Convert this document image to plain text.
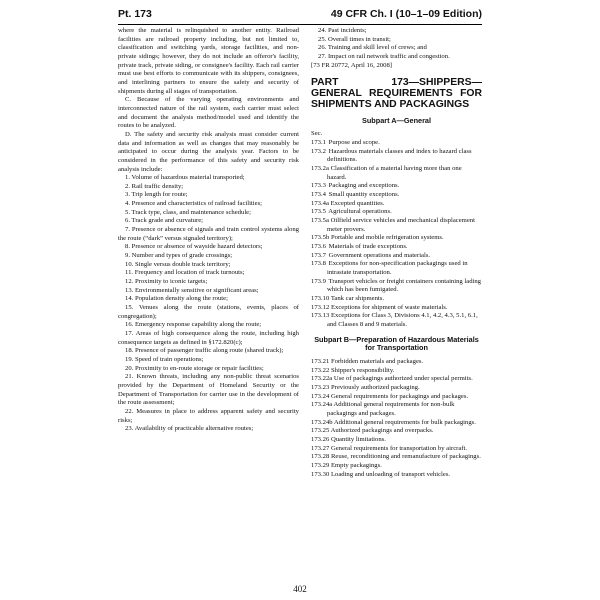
Pt. 173	49 CFR Ch. I (10–1–09 Edition)

where the material is relinquished to another entity. Railroad facilities are railroad property including, but not limited to, classification and switching yards, storage facilities, and non-private sidings; however, they do not include an offeror's facility, private track, private siding, or consignee's facility. Each rail carrier must use best efforts to communicate with its shippers, consignees, and interlining partners to ensure the safety and security of shipments during all stages of transportation.

C. Because of the varying operating environments and interconnected nature of the rail system, each carrier must select and document the analysis method/model used and identify the routes to be analyzed.

D. The safety and security risk analysis must consider current data and information as well as changes that may reasonably be anticipated to occur during the analysis year. Factors to be considered in the performance of this safety and security risk analysis include:

1. Volume of hazardous material transported;

2. Rail traffic density;

3. Trip length for route;

4. Presence and characteristics of railroad facilities;

5. Track type, class, and maintenance schedule;

6. Track grade and curvature;

7. Presence or absence of signals and train control systems along the route (“dark” versus signaled territory);

8. Presence or absence of wayside hazard detectors;

9. Number and types of grade crossings;

10. Single versus double track territory;

11. Frequency and location of track turnouts;

12. Proximity to iconic targets;

13. Environmentally sensitive or significant areas;

14. Population density along the route;

15. Venues along the route (stations, events, places of congregation);

16. Emergency response capability along the route;

17. Areas of high consequence along the route, including high consequence targets as defined in §172.820(c);

18. Presence of passenger traffic along route (shared track);

19. Speed of train operations;

20. Proximity to en-route storage or repair facilities;

21. Known threats, including any non-public threat scenarios provided by the Department of Homeland Security or the Department of Transportation for carrier use in the development of the route assessment;

22. Measures in place to address apparent safety and security risks;

23. Availability of practicable alternative routes;

24. Past incidents;

25. Overall times in transit;

26. Training and skill level of crews; and

27. Impact on rail network traffic and congestion.

[73 FR 20772, April 16, 2008]

PART 173—SHIPPERS—GENERAL REQUIREMENTS FOR SHIPMENTS AND PACKAGINGS
Subpart A—General

Sec.

173.1 Purpose and scope.
173.2 Hazardous materials classes and index to hazard class definitions.
173.2a Classification of a material having more than one hazard.
173.3 Packaging and exceptions.
173.4 Small quantity exceptions.
173.4a Excepted quantities.
173.5 Agricultural operations.
173.5a Oilfield service vehicles and mechanical displacement meter provers.
173.5b Portable and mobile refrigeration systems.
173.6 Materials of trade exceptions.
173.7 Government operations and materials.
173.8 Exceptions for non-specification packagings used in intrastate transportation.
173.9 Transport vehicles or freight containers containing lading which has been fumigated.
173.10 Tank car shipments.
173.12 Exceptions for shipment of waste materials.
173.13 Exceptions for Class 3, Divisions 4.1, 4.2, 4.3, 5.1, 6.1, and Classes 8 and 9 materials.
Subpart B—Preparation of Hazardous Materials for Transportation
173.21 Forbidden materials and packages.
173.22 Shipper's responsibility.
173.22a Use of packagings authorized under special permits.
173.23 Previously authorized packaging.
173.24 General requirements for packagings and packages.
173.24a Additional general requirements for non-bulk packagings and packages.
173.24b Additional general requirements for bulk packagings.
173.25 Authorized packagings and overpacks.
173.26 Quantity limitations.
173.27 General requirements for transportation by aircraft.
173.28 Reuse, reconditioning and remanufacture of packagings.
173.29 Empty packagings.
173.30 Loading and unloading of transport vehicles.
402
